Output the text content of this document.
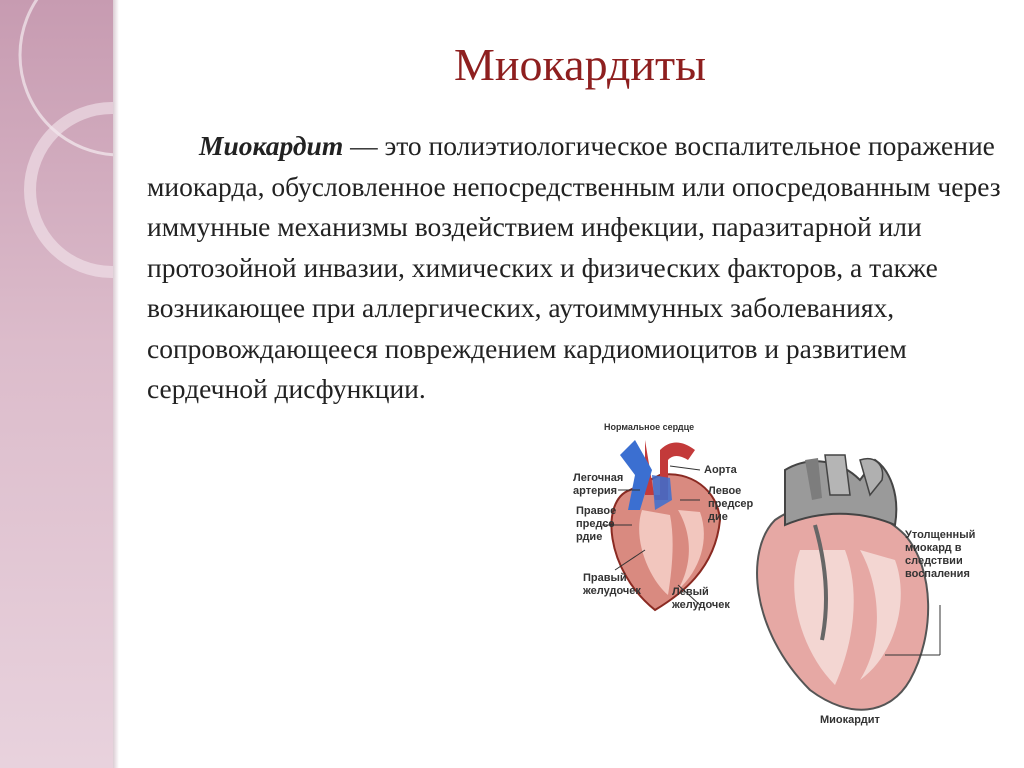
Миокардиты
Миокардит — это полиэтиологическое воспалительное поражение миокарда, обусловленное непосредственным или опосредованным через иммунные механизмы воздействием инфекции, паразитарной или протозойной инвазии, химических и физических факторов, а также возникающее при аллергических, аутоиммунных заболеваниях, сопровождающееся повреждением кардиомиоцитов и развитием сердечной дисфункции.
Нормальное сердце
Легочная артерия
Аорта
Правое предсе рдие
Левое предсер дие
Правый желудочек	Левый желудочек
Утолщенный миокард в следствии воспаления
Миокардит
